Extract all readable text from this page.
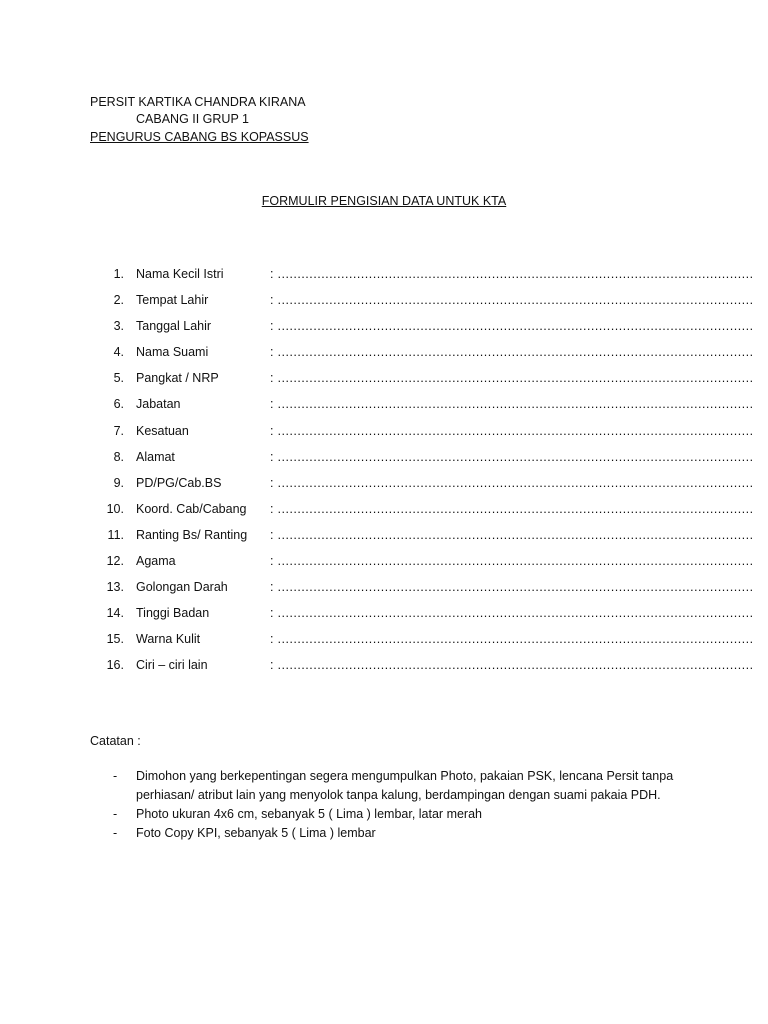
PERSIT KARTIKA CHANDRA KIRANA
CABANG II GRUP 1
PENGURUS CABANG BS KOPASSUS
FORMULIR PENGISIAN DATA UNTUK KTA
1. Nama Kecil Istri	: …………………………………………………………………………………………………………
2. Tempat Lahir	: …………………………………………………………………………………………………………
3. Tanggal Lahir	: …………………………………………………………………………………………………………
4. Nama Suami	: …………………………………………………………………………………………………………
5. Pangkat / NRP	: …………………………………………………………………………………………………………
6. Jabatan	: …………………………………………………………………………………………………………
7. Kesatuan	: …………………………………………………………………………………………………………
8. Alamat	: …………………………………………………………………………………………………………
9. PD/PG/Cab.BS	: …………………………………………………………………………………………………………
10. Koord. Cab/Cabang : …………………………………………………………………………………………………………
11. Ranting Bs/ Ranting : …………………………………………………………………………………………………………
12. Agama	: …………………………………………………………………………………………………………
13. Golongan Darah	: …………………………………………………………………………………………………………
14. Tinggi Badan	: …………………………………………………………………………………………………………
15. Warna Kulit	: …………………………………………………………………………………………………………
16. Ciri – ciri lain	: …………………………………………………………………………………………………………
Catatan :
- Dimohon yang berkepentingan segera mengumpulkan Photo, pakaian PSK, lencana Persit tanpa perhiasan/ atribut lain yang menyolok tanpa kalung, berdampingan dengan suami pakaia PDH.
- Photo ukuran 4x6 cm, sebanyak 5 ( Lima ) lembar, latar merah
- Foto Copy KPI, sebanyak 5 ( Lima ) lembar
